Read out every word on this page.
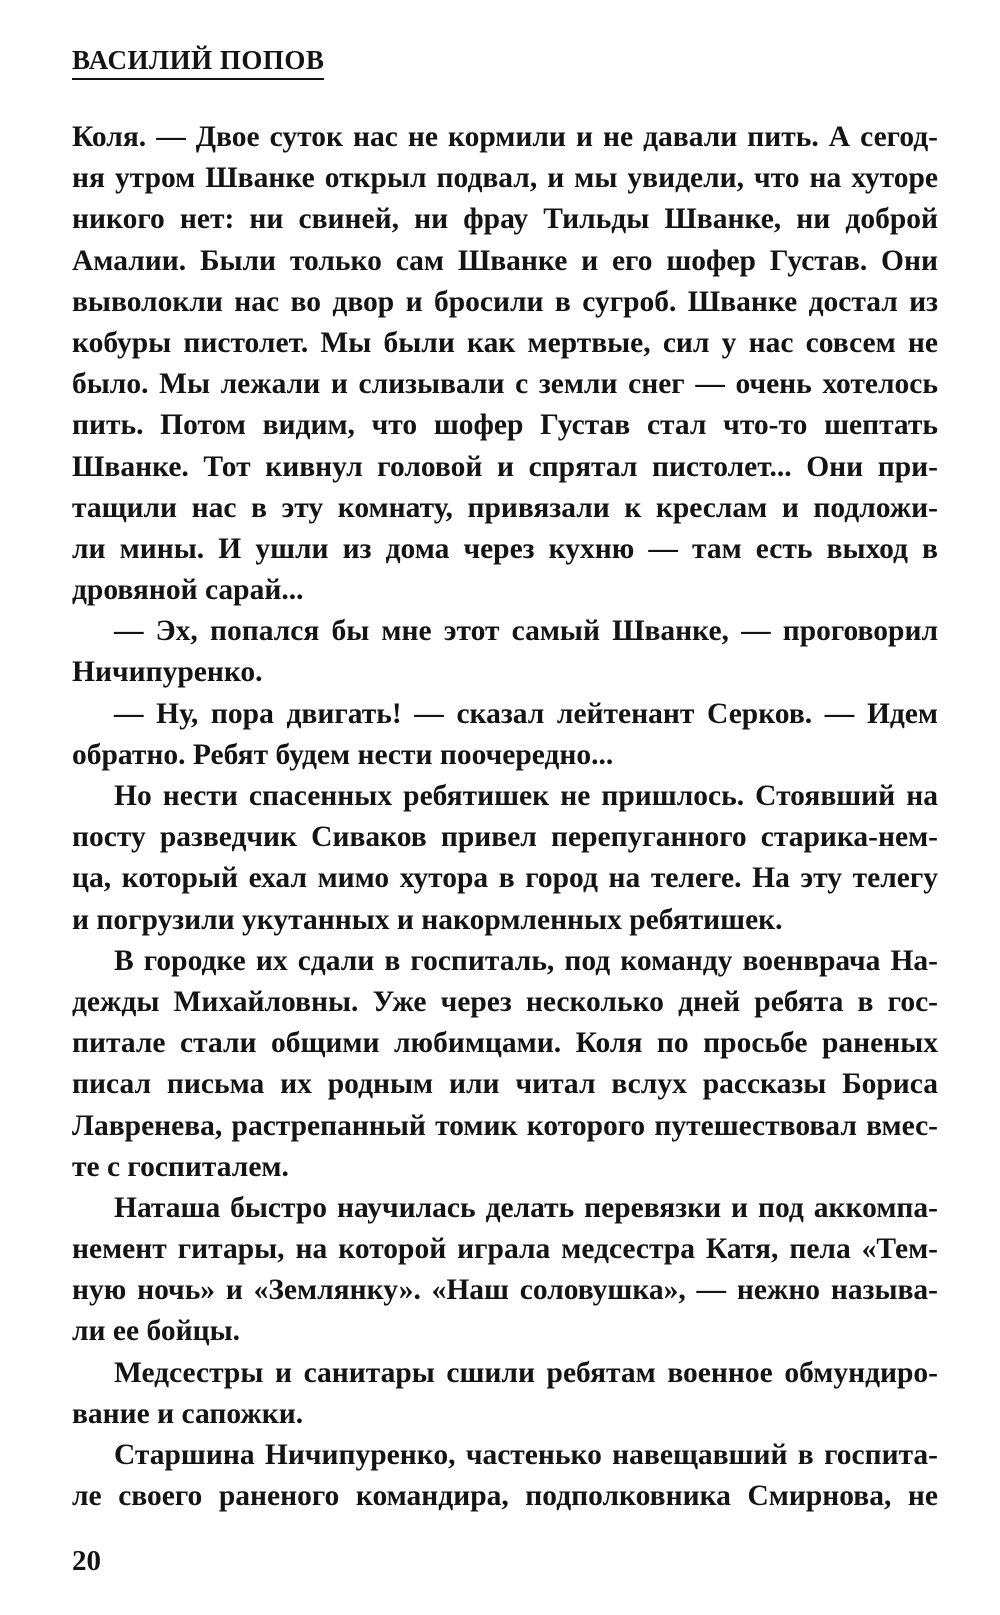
ВАСИЛИЙ ПОПОВ
Коля. — Двое суток нас не кормили и не давали пить. А сегод-
ня утром Шванке открыл подвал, и мы увидели, что на хуторе
никого нет: ни свиней, ни фрау Тильды Шванке, ни доброй
Амалии. Были только сам Шванке и его шофер Густав. Они
выволокли нас во двор и бросили в сугроб. Шванке достал из
кобуры пистолет. Мы были как мертвые, сил у нас совсем не
было. Мы лежали и слизывали с земли снег — очень хотелось
пить. Потом видим, что шофер Густав стал что-то шептать
Шванке. Тот кивнул головой и спрятал пистолет... Они при-
тащили нас в эту комнату, привязали к креслам и подложи-
ли мины. И ушли из дома через кухню — там есть выход в
дровяной сарай...
— Эх, попался бы мне этот самый Шванке, — проговорил
Ничипуренко.
— Ну, пора двигать! — сказал лейтенант Серков. — Идем
обратно. Ребят будем нести поочередно...
Но нести спасенных ребятишек не пришлось. Стоявший на
посту разведчик Сиваков привел перепуганного старика-нем-
ца, который ехал мимо хутора в город на телеге. На эту телегу
и погрузили укутанных и накормленных ребятишек.
В городке их сдали в госпиталь, под команду военврача На-
дежды Михайловны. Уже через несколько дней ребята в гос-
питале стали общими любимцами. Коля по просьбе раненых
писал письма их родным или читал вслух рассказы Бориса
Лавренева, растрепанный томик которого путешествовал вмес-
те с госпиталем.
Наташа быстро научилась делать перевязки и под аккомпа-
немент гитары, на которой играла медсестра Катя, пела «Тем-
ную ночь» и «Землянку». «Наш соловушка», — нежно называ-
ли ее бойцы.
Медсестры и санитары сшили ребятам военное обмундиро-
вание и сапожки.
Старшина Ничипуренко, частенько навещавший в госпита-
ле своего раненого командира, подполковника Смирнова, не
20
